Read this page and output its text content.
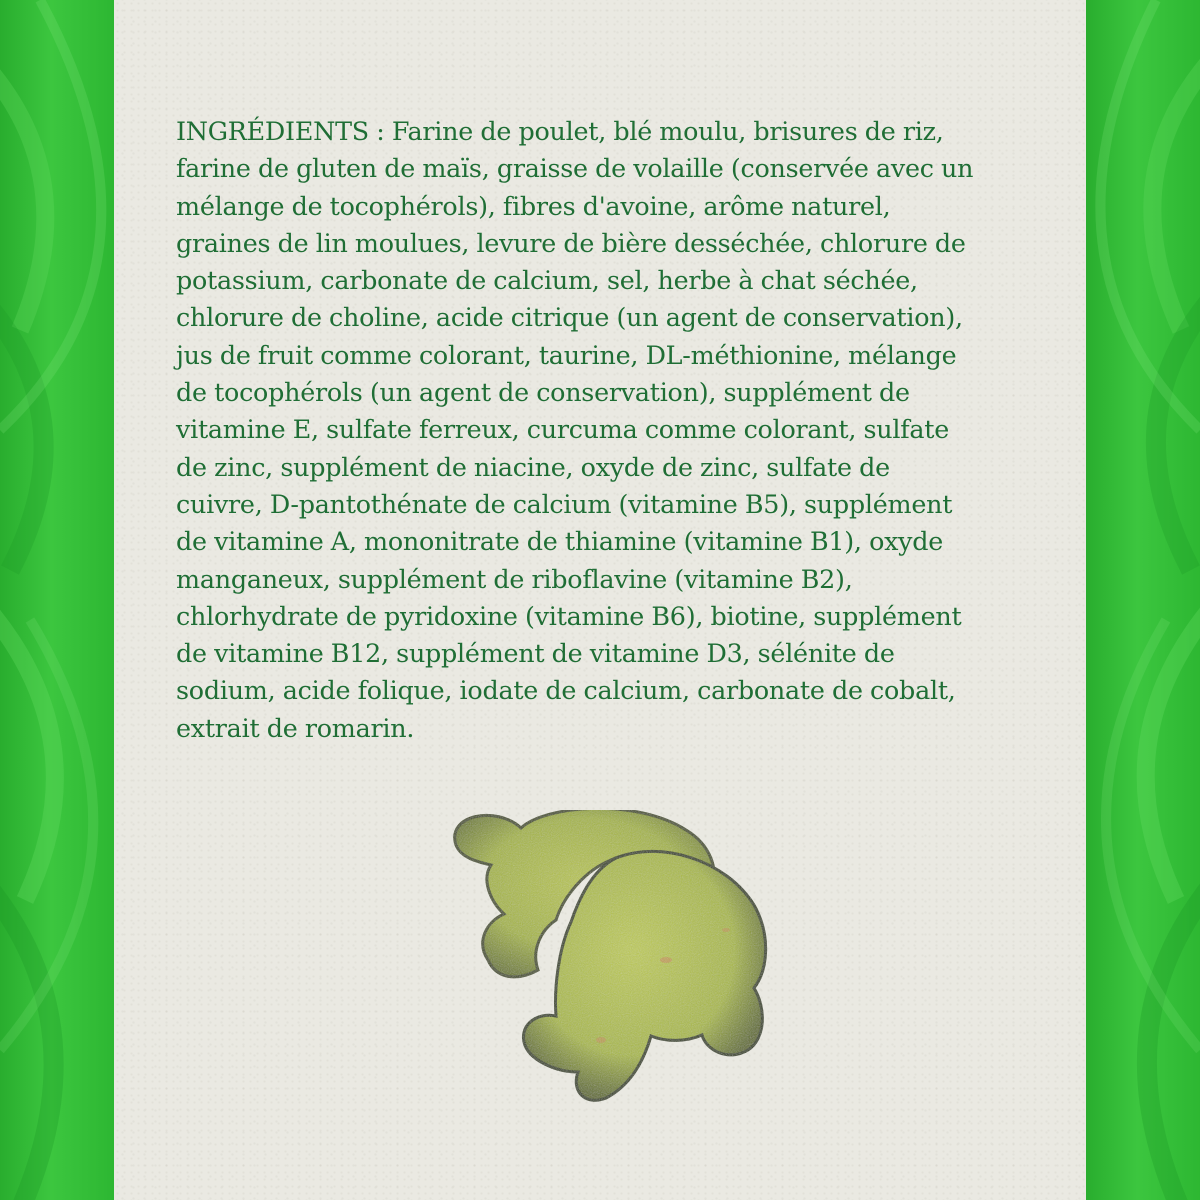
INGRÉDIENTS : Farine de poulet, blé moulu, brisures de riz,
farine de gluten de maïs, graisse de volaille (conservée avec un
mélange de tocophérols), fibres d'avoine, arôme naturel,
graines de lin moulues, levure de bière desséchée, chlorure de
potassium, carbonate de calcium, sel, herbe à chat séchée,
chlorure de choline, acide citrique (un agent de conservation),
jus de fruit comme colorant, taurine, DL-méthionine, mélange
de tocophérols (un agent de conservation), supplément de
vitamine E, sulfate ferreux, curcuma comme colorant, sulfate
de zinc, supplément de niacine, oxyde de zinc, sulfate de
cuivre, D-pantothénate de calcium (vitamine B5), supplément
de vitamine A, mononitrate de thiamine (vitamine B1), oxyde
manganeux, supplément de riboflavine (vitamine B2),
chlorhydrate de pyridoxine (vitamine B6), biotine, supplément
de vitamine B12, supplément de vitamine D3, sélénite de
sodium, acide folique, iodate de calcium, carbonate de cobalt,
extrait de romarin.
